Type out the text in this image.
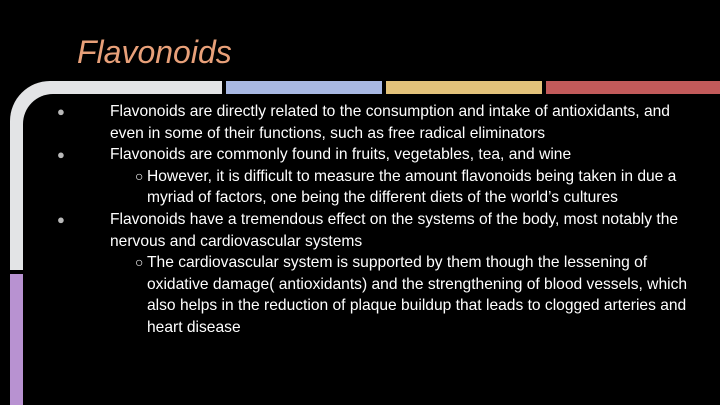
Flavonoids
●	Flavonoids are directly related to the consumption and intake of antioxidants, and even in some of their functions, such as free radical eliminators
●	Flavonoids are commonly found in fruits, vegetables, tea, and wine
○ However, it is difficult to measure the amount flavonoids being taken in due a myriad of factors, one being the different diets of the world’s cultures
●	Flavonoids have a tremendous effect on the systems of the body, most notably the nervous and cardiovascular systems
○ The cardiovascular system is supported by them though the lessening of oxidative damage( antioxidants) and the strengthening of blood vessels, which also helps in the reduction of plaque buildup that leads to clogged arteries and heart disease
